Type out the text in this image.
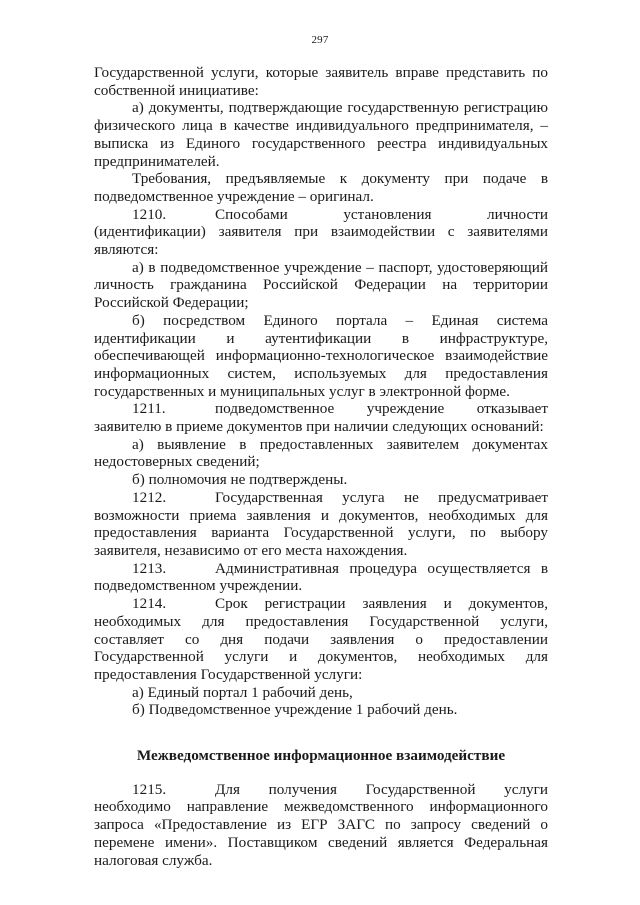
297

Государственной услуги, которые заявитель вправе представить по собственной инициативе:

а) документы, подтверждающие государственную регистрацию физического лица в качестве индивидуального предпринимателя, – выписка из Единого государственного реестра индивидуальных предпринимателей.

Требования, предъявляемые к документу при подаче в подведомственное учреждение – оригинал.

1210.	Способами установления личности (идентификации) заявителя при взаимодействии с заявителями являются:

а) в подведомственное учреждение – паспорт, удостоверяющий личность гражданина Российской Федерации на территории Российской Федерации;

б) посредством Единого портала – Единая система идентификации и аутентификации в инфраструктуре, обеспечивающей информационно-технологическое взаимодействие информационных систем, используемых для предоставления государственных и муниципальных услуг в электронной форме.

1211.	подведомственное учреждение отказывает заявителю в приеме документов при наличии следующих оснований:

а) выявление в предоставленных заявителем документах недостоверных сведений;

б) полномочия не подтверждены.

1212.	Государственная услуга не предусматривает возможности приема заявления и документов, необходимых для предоставления варианта Государственной услуги, по выбору заявителя, независимо от его места нахождения.
1213.	Административная процедура осуществляется в подведомственном учреждении.
1214.	Срок регистрации заявления и документов, необходимых для предоставления Государственной услуги, составляет со дня подачи заявления о предоставлении Государственной услуги и документов, необходимых для предоставления Государственной услуги:

а) Единый портал 1 рабочий день,

б) Подведомственное учреждение 1 рабочий день.

Межведомственное информационное взаимодействие
1215.	Для получения Государственной услуги необходимо направление межведомственного информационного запроса «Предоставление из ЕГР ЗАГС по запросу сведений о перемене имени». Поставщиком сведений является Федеральная налоговая служба.
